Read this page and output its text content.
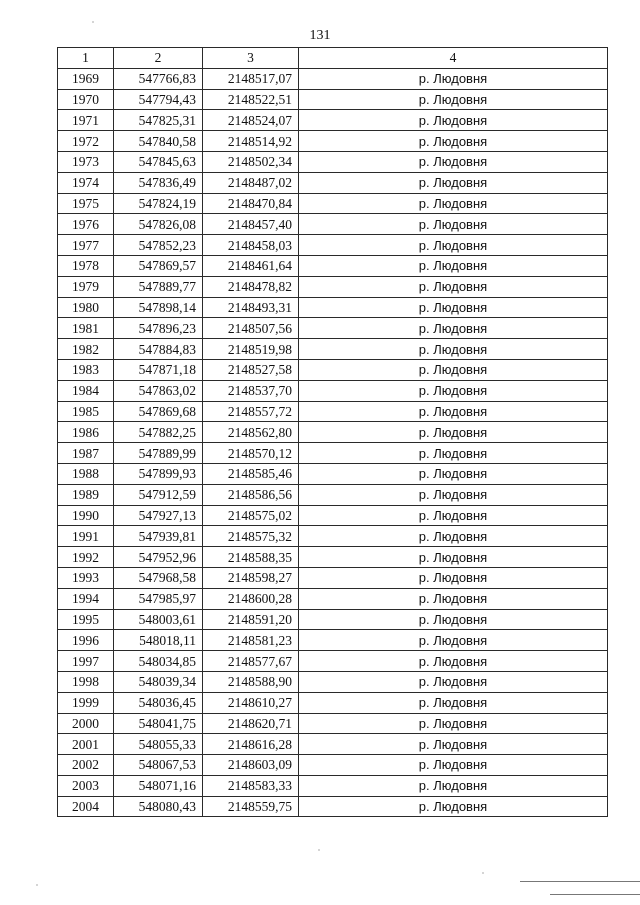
131
1	2	3	4
1969	547766,83	2148517,07	р. Людовня
1970	547794,43	2148522,51	р. Людовня
1971	547825,31	2148524,07	р. Людовня
1972	547840,58	2148514,92	р. Людовня
1973	547845,63	2148502,34	р. Людовня
1974	547836,49	2148487,02	р. Людовня
1975	547824,19	2148470,84	р. Людовня
1976	547826,08	2148457,40	р. Людовня
1977	547852,23	2148458,03	р. Людовня
1978	547869,57	2148461,64	р. Людовня
1979	547889,77	2148478,82	р. Людовня
1980	547898,14	2148493,31	р. Людовня
1981	547896,23	2148507,56	р. Людовня
1982	547884,83	2148519,98	р. Людовня
1983	547871,18	2148527,58	р. Людовня
1984	547863,02	2148537,70	р. Людовня
1985	547869,68	2148557,72	р. Людовня
1986	547882,25	2148562,80	р. Людовня
1987	547889,99	2148570,12	р. Людовня
1988	547899,93	2148585,46	р. Людовня
1989	547912,59	2148586,56	р. Людовня
1990	547927,13	2148575,02	р. Людовня
1991	547939,81	2148575,32	р. Людовня
1992	547952,96	2148588,35	р. Людовня
1993	547968,58	2148598,27	р. Людовня
1994	547985,97	2148600,28	р. Людовня
1995	548003,61	2148591,20	р. Людовня
1996	548018,11	2148581,23	р. Людовня
1997	548034,85	2148577,67	р. Людовня
1998	548039,34	2148588,90	р. Людовня
1999	548036,45	2148610,27	р. Людовня
2000	548041,75	2148620,71	р. Людовня
2001	548055,33	2148616,28	р. Людовня
2002	548067,53	2148603,09	р. Людовня
2003	548071,16	2148583,33	р. Людовня
2004	548080,43	2148559,75	р. Людовня
